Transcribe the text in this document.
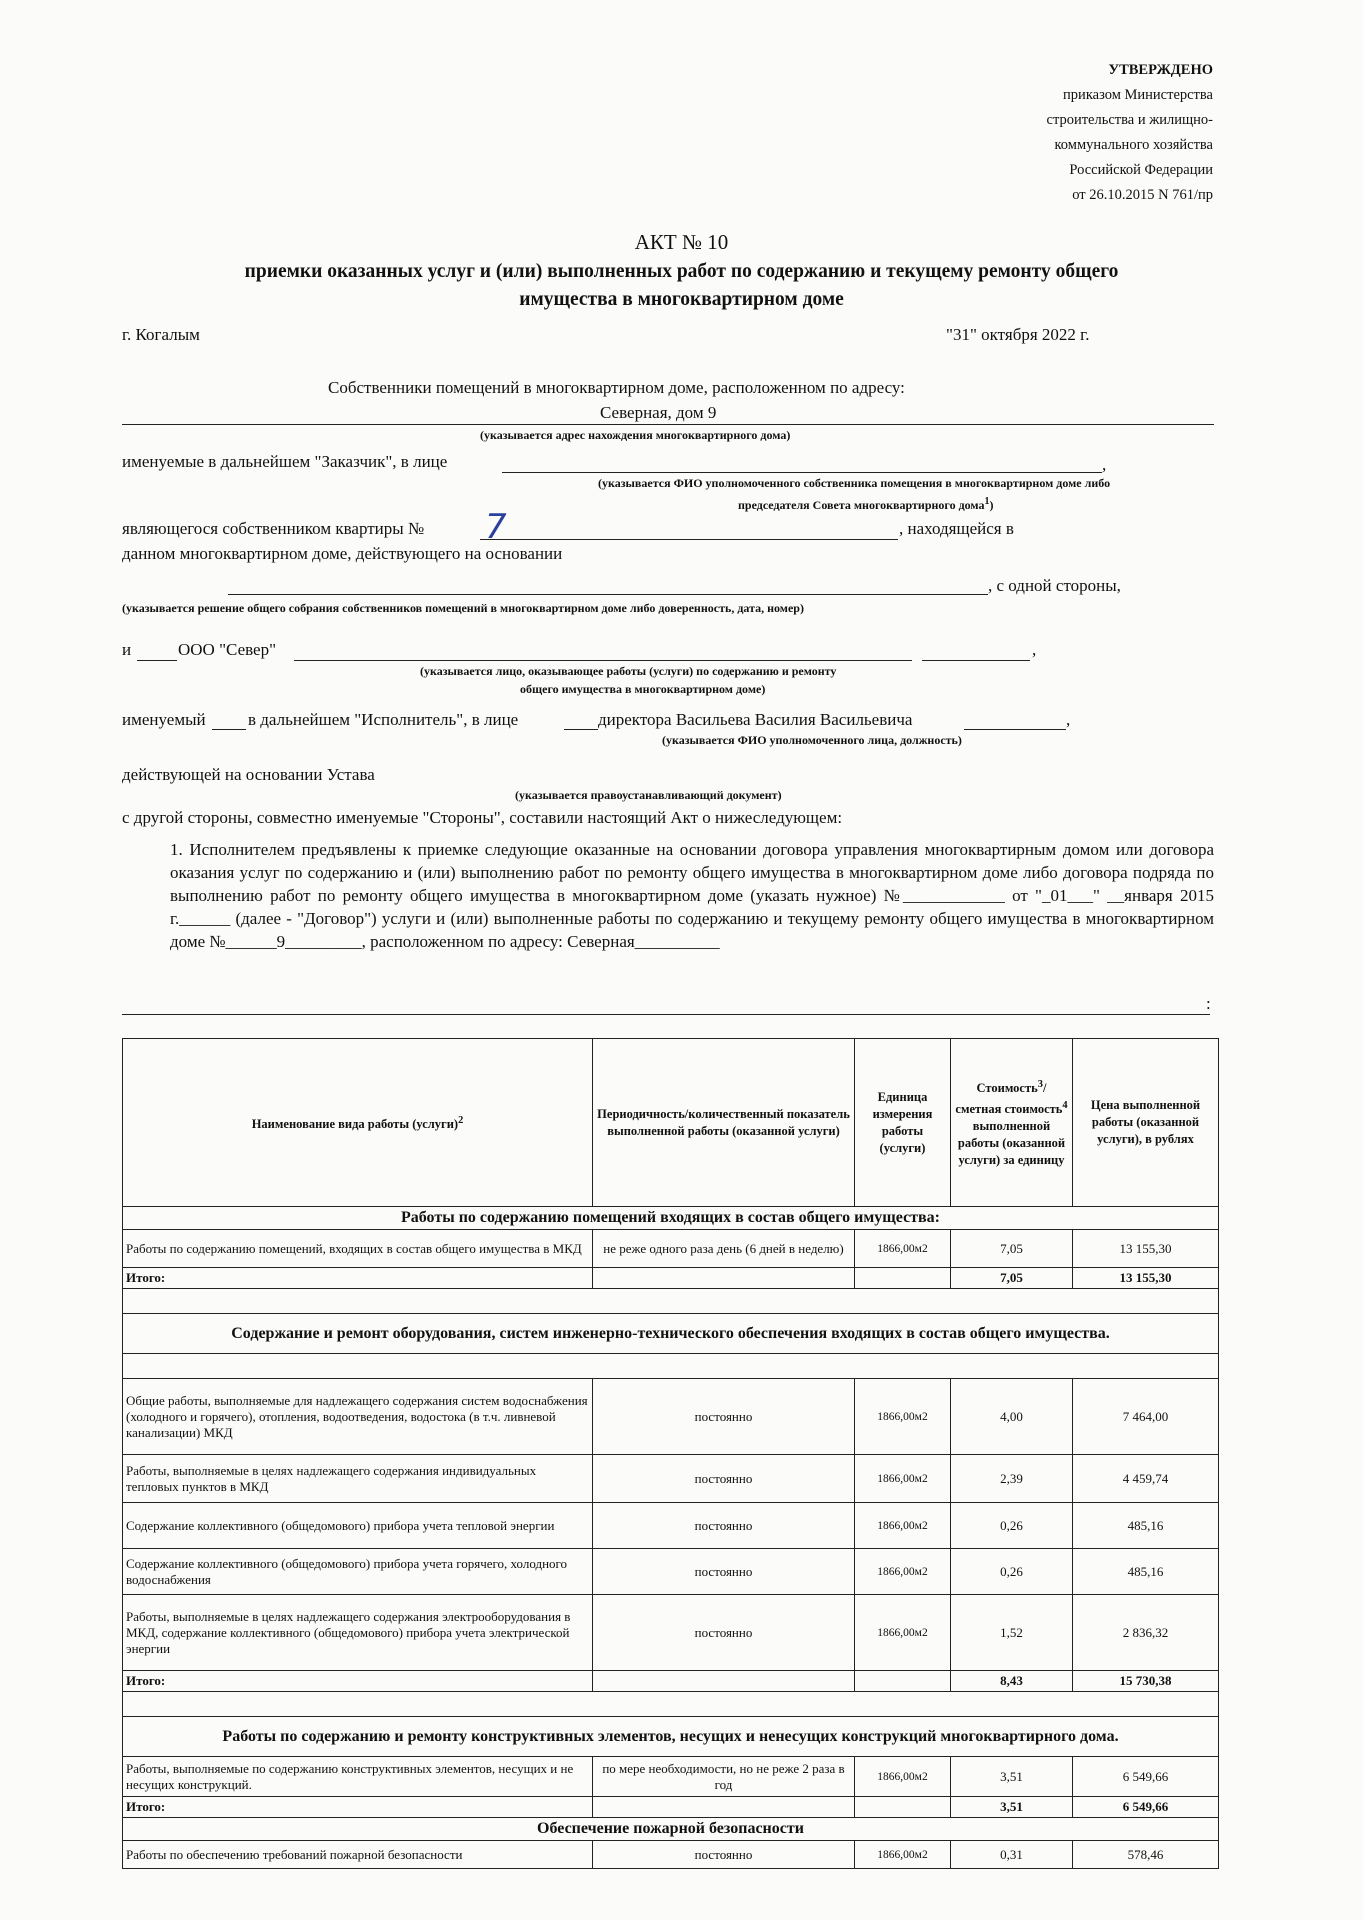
УТВЕРЖДЕНО
приказом Министерства
строительства и жилищно-
коммунального хозяйства
Российской Федерации
от 26.10.2015 N 761/пр
АКТ № 10
приемки оказанных услуг и (или) выполненных работ по содержанию и текущему ремонту общего
имущества в многоквартирном доме
г. Когалым	"31" октября 2022 г.
Собственники помещений в многоквартирном доме, расположенном по адресу:
Северная, дом 9
(указывается адрес нахождения многоквартирного дома)
именуемые в дальнейшем "Заказчик", в лице	,
(указывается ФИО уполномоченного собственника помещения в многоквартирном доме либо
председателя Совета многоквартирного дома$^1$)
являющегося собственником квартиры № 7	, находящейся в
данном многоквартирном доме, действующего на основании
, с одной стороны,
(указывается решение общего собрания собственников помещений в многоквартирном доме либо доверенность, дата, номер)
и	ООО "Север"	,
(указывается лицо, оказывающее работы (услуги) по содержанию и ремонту
общего имущества в многоквартирном доме)
именуемый в дальнейшем "Исполнитель", в лице	директора Васильева Василия Васильевича	,
(указывается ФИО уполномоченного лица, должность)
действующей на основании Устава
(указывается правоустанавливающий документ)
с другой стороны, совместно именуемые "Стороны", составили настоящий Акт о нижеследующем:
1. Исполнителем предъявлены к приемке следующие оказанные на основании договора управления многоквартирным домом или договора оказания услуг по содержанию и (или) выполнению работ по ремонту общего имущества в многоквартирном доме либо договора подряда по выполнению работ по ремонту общего имущества в многоквартирном доме (указать нужное) №____________ от "_01___" __января 2015 г.______ (далее - "Договор") услуги и (или) выполненные работы по содержанию и текущему ремонту общего имущества в многоквартирном доме №______9_________, расположенном по адресу: Северная__________
:
Наименование вида работы (услуги)$^2$	Периодичность/количественный показатель выполненной работы (оказанной услуги)	Единица измерения работы (услуги)	Стоимость$^3$/сметная стоимость$^4$ выполненной работы (оказанной услуги) за единицу	Цена выполненной работы (оказанной услуги), в рублях
Работы по содержанию помещений входящих в состав общего имущества:				
Работы по содержанию помещений, входящих в состав общего имущества в МКД	не реже одного раза день (6 дней в неделю)	1866,00м2	7,05	13 155,30
Итого:			7,05	13 155,30

Содержание и ремонт оборудования, систем инженерно-технического обеспечения входящих в состав общего имущества.				

Общие работы, выполняемые для надлежащего содержания систем водоснабжения (холодного и горячего), отопления, водоотведения, водостока (в т.ч. ливневой канализации) МКД	постоянно	1866,00м2	4,00	7 464,00
Работы, выполняемые в целях надлежащего содержания индивидуальных тепловых пунктов в МКД	постоянно	1866,00м2	2,39	4 459,74
Содержание коллективного (общедомового) прибора учета тепловой энергии	постоянно	1866,00м2	0,26	485,16
Содержание коллективного (общедомового) прибора учета горячего, холодного водоснабжения	постоянно	1866,00м2	0,26	485,16
Работы, выполняемые в целях надлежащего содержания электрооборудования в МКД, содержание коллективного (общедомового) прибора учета электрической энергии	постоянно	1866,00м2	1,52	2 836,32
Итого:			8,43	15 730,38

Работы по содержанию и ремонту конструктивных элементов, несущих и ненесущих конструкций многоквартирного дома.				
Работы, выполняемые по содержанию конструктивных элементов, несущих и не несущих конструкций.	по мере необходимости, но не реже 2 раза в год	1866,00м2	3,51	6 549,66
Итого:			3,51	6 549,66
Обеспечение пожарной безопасности				
Работы по обеспечению требований пожарной безопасности	постоянно	1866,00м2	0,31	578,46
